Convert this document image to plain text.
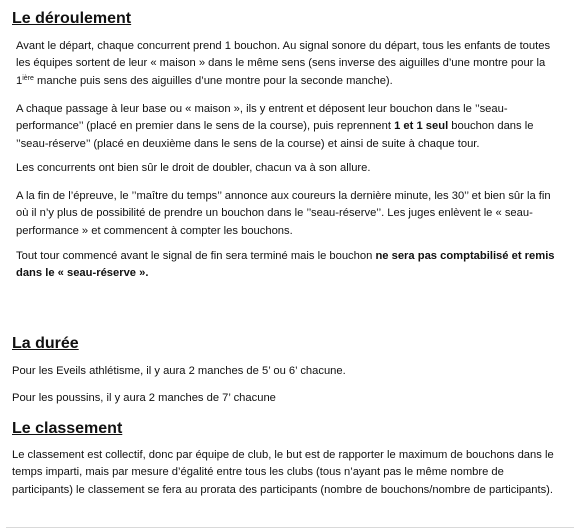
Le déroulement

Avant le départ, chaque concurrent prend 1 bouchon. Au signal sonore du départ, tous les enfants de toutes les équipes sortent de leur « maison » dans le même sens (sens inverse des aiguilles d’une montre pour la $1^{ière}$ manche puis sens des aiguilles d’une montre pour la seconde manche).

A chaque passage à leur base ou « maison », ils y entrent et déposent leur bouchon dans le ’’seau-performance’’ (placé en premier dans le sens de la course), puis reprennent 1 et 1 seul bouchon dans le ’’seau-réserve’’ (placé en deuxième dans le sens de la course) et ainsi de suite à chaque tour.

Les concurrents ont bien sûr le droit de doubler, chacun va à son allure.

A la fin de l’épreuve, le ’’maître du temps’’ annonce aux coureurs la dernière minute, les 30’’ et bien sûr la fin où il n’y plus de possibilité de prendre un bouchon dans le ’’seau-réserve’’. Les juges enlèvent le « seau-performance » et commencent à compter les bouchons.

Tout tour commencé avant le signal de fin sera terminé mais le bouchon ne sera pas comptabilisé et remis dans le « seau-réserve ».

La durée

Pour les Eveils athlétisme, il y aura 2 manches de 5’ ou 6’ chacune.

Pour les poussins, il y aura 2 manches de 7’ chacune

Le classement

Le classement est collectif, donc par équipe de club, le but est de rapporter le maximum de bouchons dans le temps imparti, mais par mesure d’égalité entre tous les clubs (tous n’ayant pas le même nombre de participants) le classement se fera au prorata des participants (nombre de bouchons/nombre de participants).
